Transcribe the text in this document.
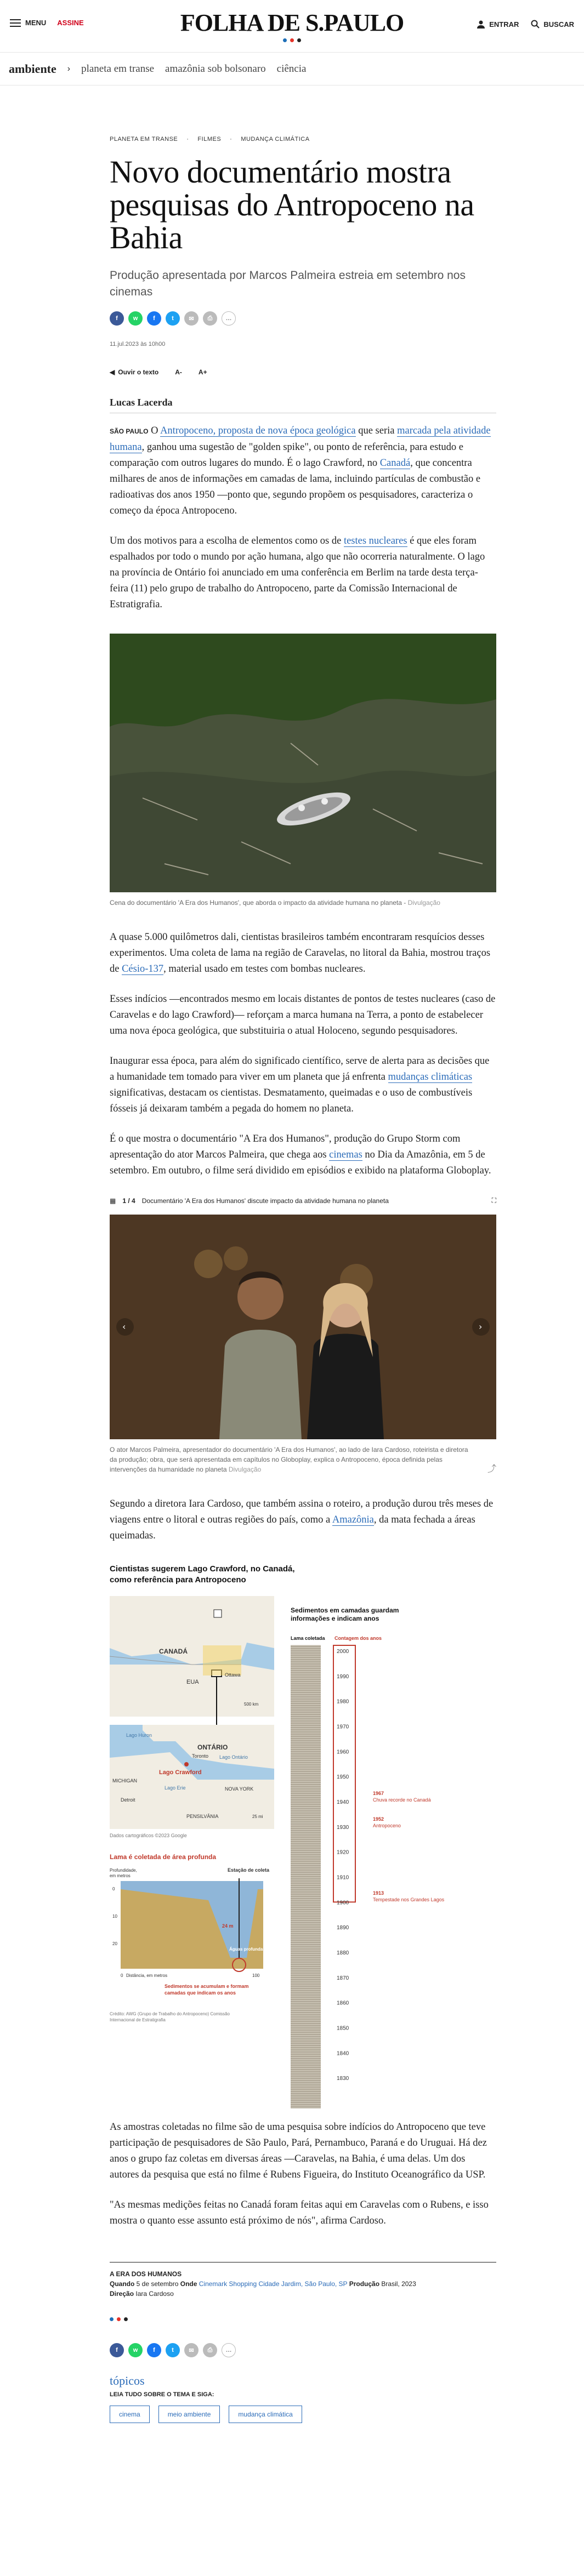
MENU ASSINE	FOLHA DE S.PAULO	ENTRAR	BUSCAR
ambiente › planeta em transe amazônia sob bolsonaro ciência
PLANETA EM TRANSE · FILMES · MUDANÇA CLIMÁTICA
Novo documentário mostra pesquisas do Antropoceno na Bahia
Produção apresentada por Marcos Palmeira estreia em setembro nos cinemas
f	w	f	t	✉	⎙	…
11.jul.2023 às 10h00
◀ Ouvir o texto	A-	A+
Lucas Lacerda

SÃO PAULO O Antropoceno, proposta de nova época geológica que seria marcada pela atividade humana, ganhou uma sugestão de "golden spike", ou ponto de referência, para estudo e comparação com outros lugares do mundo. É o lago Crawford, no Canadá, que concentra milhares de anos de informações em camadas de lama, incluindo partículas de combustão e radioativas dos anos 1950 —ponto que, segundo propõem os pesquisadores, caracteriza o começo da época Antropoceno.

Um dos motivos para a escolha de elementos como os de testes nucleares é que eles foram espalhados por todo o mundo por ação humana, algo que não ocorreria naturalmente. O lago na província de Ontário foi anunciado em uma conferência em Berlim na tarde desta terça-feira (11) pelo grupo de trabalho do Antropoceno, parte da Comissão Internacional de Estratigrafia.

Cena do documentário 'A Era dos Humanos', que aborda o impacto da atividade humana no planeta - Divulgação

A quase 5.000 quilômetros dali, cientistas brasileiros também encontraram resquícios desses experimentos. Uma coleta de lama na região de Caravelas, no litoral da Bahia, mostrou traços de Césio-137, material usado em testes com bombas nucleares.

Esses indícios —encontrados mesmo em locais distantes de pontos de testes nucleares (caso de Caravelas e do lago Crawford)— reforçam a marca humana na Terra, a ponto de estabelecer uma nova época geológica, que substituiria o atual Holoceno, segundo pesquisadores.

Inaugurar essa época, para além do significado científico, serve de alerta para as decisões que a humanidade tem tomado para viver em um planeta que já enfrenta mudanças climáticas significativas, destacam os cientistas. Desmatamento, queimadas e o uso de combustíveis fósseis já deixaram também a pegada do homem no planeta.

É o que mostra o documentário "A Era dos Humanos", produção do Grupo Storm com apresentação do ator Marcos Palmeira, que chega aos cinemas no Dia da Amazônia, em 5 de setembro. Em outubro, o filme será dividido em episódios e exibido na plataforma Globoplay.

▦ 1 / 4 Documentário 'A Era dos Humanos' discute impacto da atividade humana no planeta	⛶
‹	›
O ator Marcos Palmeira, apresentador do documentário 'A Era dos Humanos', ao lado de Iara Cardoso, roteirista e diretora da produção; obra, que será apresentada em capítulos no Globoplay, explica o Antropoceno, época definida pelas intervenções da humanidade no planeta Divulgação	⤴

Segundo a diretora Iara Cardoso, que também assina o roteiro, a produção durou três meses de viagens entre o litoral e outras regiões do país, como a Amazônia, da mata fechada a áreas queimadas.

Cientistas sugerem Lago Crawford, no Canadá,
como referência para Antropoceno
CANADÁ
EUA
Ottawa
500 km
ONTÁRIO
Lago Crawford
Toronto
Lago Huron
Lago Ontário
Lago Erie
MICHIGAN
NOVA YORK
PENSILVÂNIA
Detroit
25 mi
Dados cartográficos ©2023 Google
Lama é coletada de área profunda
Profundidade,
em metros
Estação de coleta
24 m
Águas profundas
0
10
20
0 Distância, em metros	100
Sedimentos se acumulam e formam
camadas que indicam os anos
Crédito: AWG (Grupo de Trabalho do Antropoceno) Comissão
Internacional de Estratigrafia
Sedimentos em camadas guardam
informações e indicam anos
Lama coletada Contagem dos anos
2000
1990
1980
1970
1960
1950
1940
1930
1920
1910
1900
1890
1880
1870
1860
1850
1840
1830
1967
Chuva recorde no Canadá
1952
Antropoceno
1913
Tempestade nos Grandes Lagos

As amostras coletadas no filme são de uma pesquisa sobre indícios do Antropoceno que teve participação de pesquisadores de São Paulo, Pará, Pernambuco, Paraná e do Uruguai. Há dez anos o grupo faz coletas em diversas áreas —Caravelas, na Bahia, é uma delas. Um dos autores da pesquisa que está no filme é Rubens Figueira, do Instituto Oceanográfico da USP.

"As mesmas medições feitas no Canadá foram feitas aqui em Caravelas com o Rubens, e isso mostra o quanto esse assunto está próximo de nós", afirma Cardoso.

A ERA DOS HUMANOS
Quando 5 de setembro Onde Cinemark Shopping Cidade Jardim, São Paulo, SP Produção Brasil, 2023
Direção Iara Cardoso
f	w	f	t	✉	⎙	…
tópicos
LEIA TUDO SOBRE O TEMA E SIGA:
cinema	meio ambiente	mudança climática
